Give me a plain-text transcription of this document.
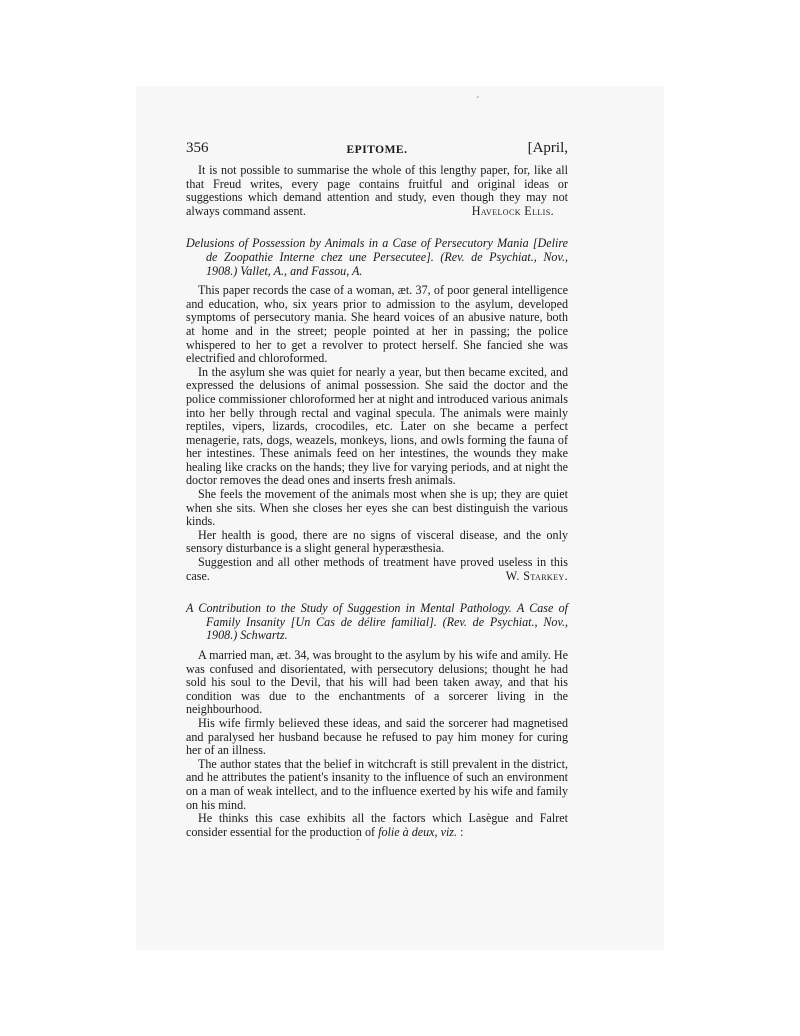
ˊ
356	EPITOME.	[April,

It is not possible to summarise the whole of this lengthy paper, for, like all that Freud writes, every page contains fruitful and original ideas or suggestions which demand attention and study, even though they may not always command assent.	Havelock Ellis.

Delusions of Possession by Animals in a Case of Persecutory Mania [Delire de Zoopathie Interne chez une Persecutee]. (Rev. de Psychiat., Nov., 1908.) Vallet, A., and Fassou, A.

This paper records the case of a woman, æt. 37, of poor general intelligence and education, who, six years prior to admission to the asylum, developed symptoms of persecutory mania. She heard voices of an abusive nature, both at home and in the street; people pointed at her in passing; the police whispered to her to get a revolver to protect herself. She fancied she was electrified and chloroformed.

In the asylum she was quiet for nearly a year, but then became excited, and expressed the delusions of animal possession. She said the doctor and the police commissioner chloroformed her at night and introduced various animals into her belly through rectal and vaginal specula. The animals were mainly reptiles, vipers, lizards, crocodiles, etc. Later on she became a perfect menagerie, rats, dogs, weazels, monkeys, lions, and owls forming the fauna of her intestines. These animals feed on her intestines, the wounds they make healing like cracks on the hands; they live for varying periods, and at night the doctor removes the dead ones and inserts fresh animals.

She feels the movement of the animals most when she is up; they are quiet when she sits. When she closes her eyes she can best distinguish the various kinds.

Her health is good, there are no signs of visceral disease, and the only sensory disturbance is a slight general hyperæsthesia.

Suggestion and all other methods of treatment have proved useless in this case.	W. Starkey.

A Contribution to the Study of Suggestion in Mental Pathology. A Case of Family Insanity [Un Cas de délire familial]. (Rev. de Psychiat., Nov., 1908.) Schwartz.

A married man, æt. 34, was brought to the asylum by his wife and amily. He was confused and disorientated, with persecutory delusions; thought he had sold his soul to the Devil, that his will had been taken away, and that his condition was due to the enchantments of a sorcerer living in the neighbourhood.

His wife firmly believed these ideas, and said the sorcerer had magnetised and paralysed her husband because he refused to pay him money for curing her of an illness.

The author states that the belief in witchcraft is still prevalent in the district, and he attributes the patient's insanity to the influence of such an environment on a man of weak intellect, and to the influence exerted by his wife and family on his mind.

He thinks this case exhibits all the factors which Lasègue and Falret consider essential for the production of folie à deux, viz. :

˜
